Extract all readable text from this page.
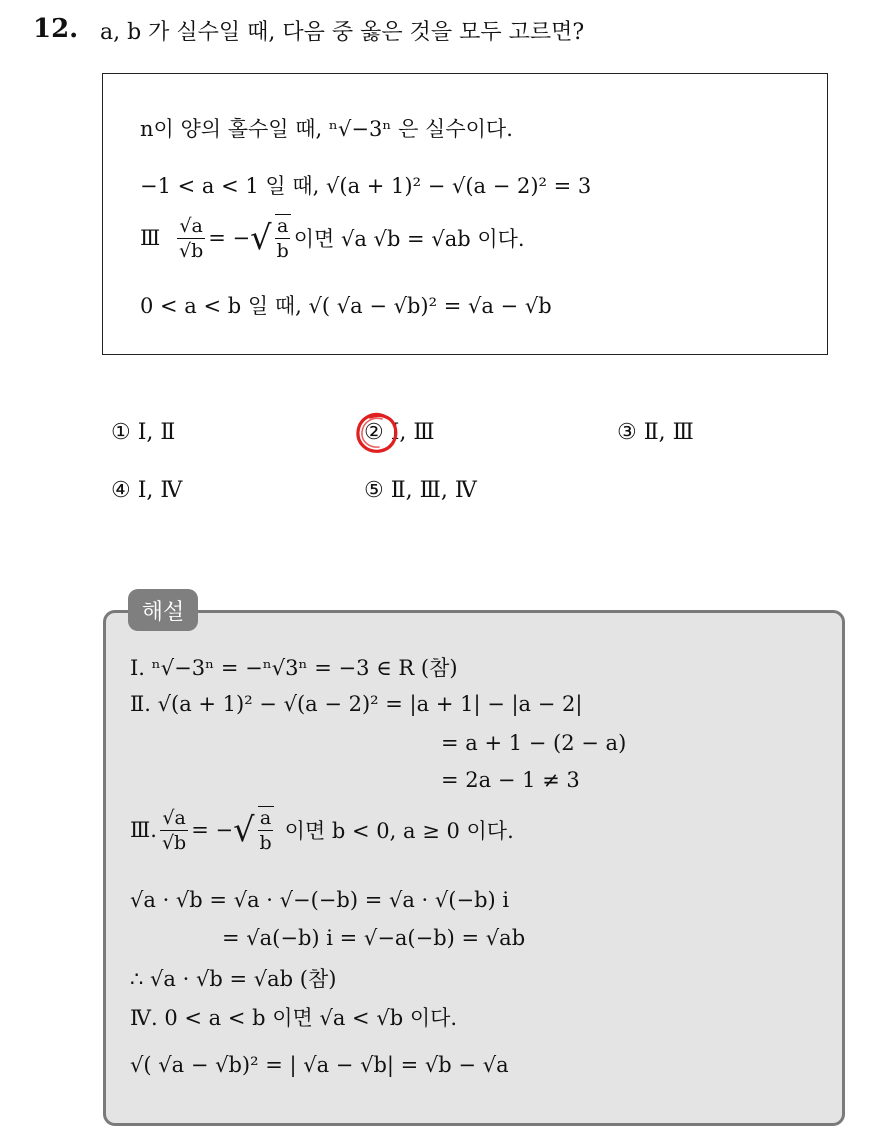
12. a, b 가 실수일 때, 다음 중 옳은 것을 모두 고르면?
n이 양의 홀수일 때, ⁿ√−3ⁿ 은 실수이다.
−1 < a < 1 일 때, √(a + 1)² − √(a − 2)² = 3
Ⅲ $\frac{√a}{√b}$ = − √ $\frac{a}{b}$ 이면 √a √b = √ab 이다.
0 < a < b 일 때, √( √a − √b)² = √a − √b
① Ⅰ, Ⅱ	② Ⅰ, Ⅲ	③ Ⅱ, Ⅲ
④ Ⅰ, Ⅳ	⑤ Ⅱ, Ⅲ, Ⅳ
해설
Ⅰ. ⁿ√−3ⁿ = −ⁿ√3ⁿ = −3 ∈ R (참)
Ⅱ. √(a + 1)² − √(a − 2)² = |a + 1| − |a − 2|
= a + 1 − (2 − a)
= 2a − 1 ≠ 3
Ⅲ. $\frac{√a}{√b}$ = − √ $\frac{a}{b}$ 이면 b < 0, a ≥ 0 이다.
√a · √b = √a · √−(−b) = √a · √(−b) i
= √a(−b) i = √−a(−b) = √ab
∴ √a · √b = √ab (참)
Ⅳ. 0 < a < b 이면 √a < √b 이다.
√( √a − √b)² = | √a − √b| = √b − √a
